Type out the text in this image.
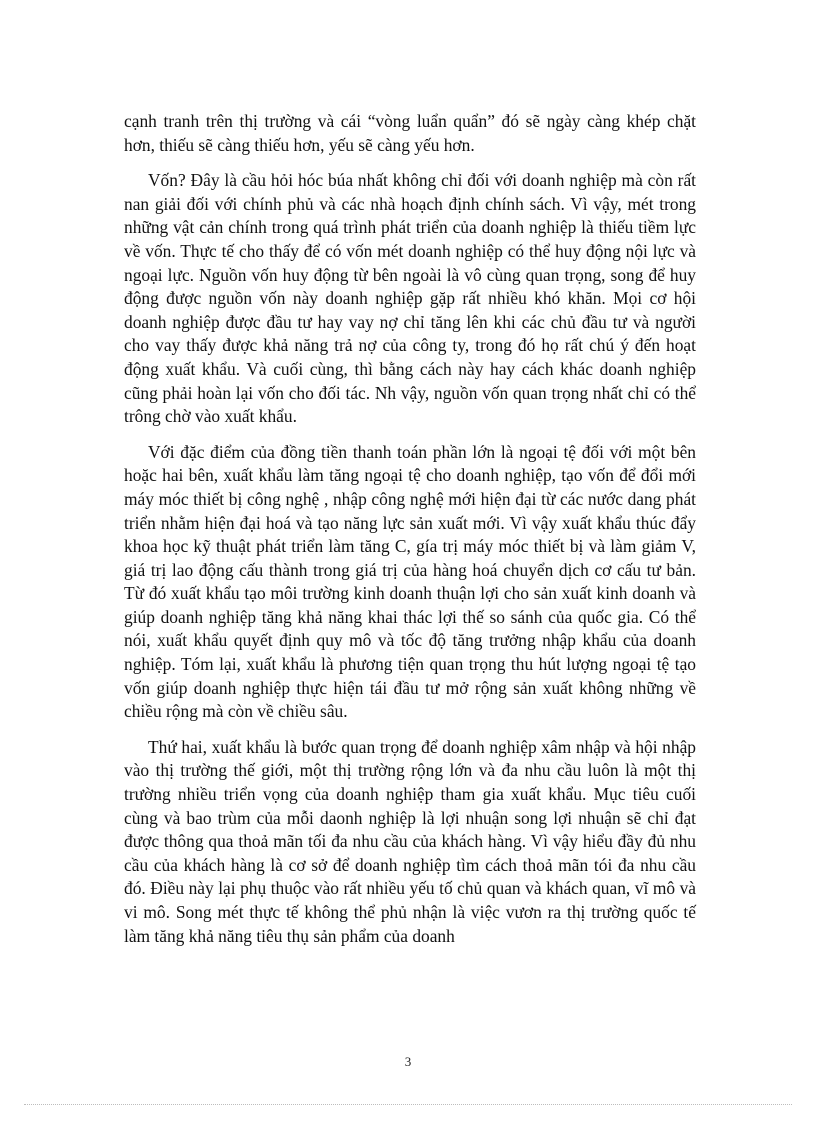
cạnh tranh trên thị trường và cái “vòng luẩn quẩn” đó sẽ ngày càng khép chặt hơn, thiếu sẽ càng thiếu hơn, yếu sẽ càng yếu hơn.

Vốn? Đây là cầu hỏi hóc búa nhất không chỉ đối với doanh nghiệp mà còn rất nan giải đối với chính phủ và các nhà hoạch định chính sách. Vì vậy, mét trong những vật cản chính trong quá trình phát triển của doanh nghiệp là thiếu tiềm lực về vốn. Thực tế cho thấy để có vốn mét doanh nghiệp có thể huy động nội lực và ngoại lực. Nguồn vốn huy động từ bên ngoài là vô cùng quan trọng, song để huy động được nguồn vốn này doanh nghiệp gặp rất nhiều khó khăn. Mọi cơ hội doanh nghiệp được đầu tư hay vay nợ chỉ tăng lên khi các chủ đầu tư và người cho vay thấy được khả năng trả nợ của công ty, trong đó họ rất chú ý đến hoạt động xuất khẩu. Và cuối cùng, thì bằng cách này hay cách khác doanh nghiệp cũng phải hoàn lại vốn cho đối tác. Nh vậy, nguồn vốn quan trọng nhất chỉ có thể trông chờ vào xuất khẩu.

Với đặc điểm của đồng tiền thanh toán phần lớn là ngoại tệ đối với một bên hoặc hai bên, xuất khẩu làm tăng ngoại tệ cho doanh nghiệp, tạo vốn để đổi mới máy móc thiết bị công nghệ , nhập công nghệ mới hiện đại từ các nước dang phát triển nhằm hiện đại hoá và tạo năng lực sản xuất mới. Vì vậy xuất khẩu thúc đẩy khoa học kỹ thuật phát triển làm tăng C, gía trị máy móc thiết bị và làm giảm V, giá trị lao động cấu thành trong giá trị của hàng hoá chuyển dịch cơ cấu tư bản. Từ đó xuất khẩu tạo môi trường kinh doanh thuận lợi cho sản xuất kinh doanh và giúp doanh nghiệp tăng khả năng khai thác lợi thế so sánh của quốc gia. Có thể nói, xuất khẩu quyết định quy mô và tốc độ tăng trưởng nhập khẩu của doanh nghiệp. Tóm lại, xuất khẩu là phương tiện quan trọng thu hút lượng ngoại tệ tạo vốn giúp doanh nghiệp thực hiện tái đầu tư mở rộng sản xuất không những về chiều rộng mà còn về chiều sâu.

Thứ hai, xuất khẩu là bước quan trọng để doanh nghiệp xâm nhập và hội nhập vào thị trường thế giới, một thị trường rộng lớn và đa nhu cầu luôn là một thị trường nhiều triển vọng của doanh nghiệp tham gia xuất khẩu. Mục tiêu cuối cùng và bao trùm của mỗi daonh nghiệp là lợi nhuận song lợi nhuận sẽ chỉ đạt được thông qua thoả mãn tối đa nhu cầu của khách hàng. Vì vậy hiểu đầy đủ nhu cầu của khách hàng là cơ sở để doanh nghiệp tìm cách thoả mãn tói đa nhu cầu đó. Điều này lại phụ thuộc vào rất nhiều yếu tố chủ quan và khách quan, vĩ mô và vi mô. Song mét thực tế không thể phủ nhận là việc vươn ra thị trường quốc tế làm tăng khả năng tiêu thụ sản phẩm của doanh

3
